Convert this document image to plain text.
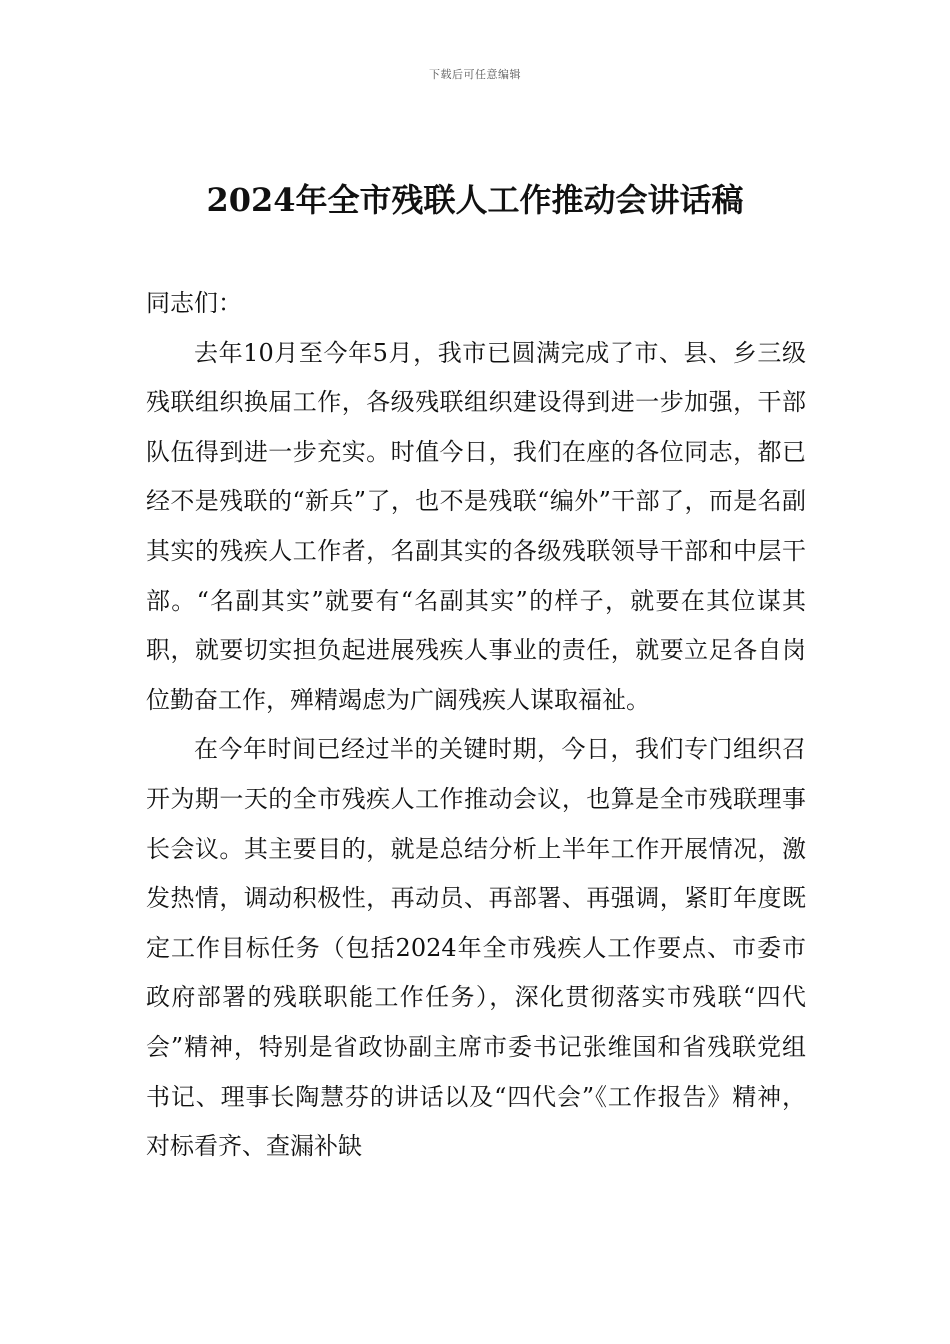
下载后可任意编辑
2024年全市残联人工作推动会讲话稿

同志们：

去年10月至今年5月，我市已圆满完成了市、县、乡三级残联组织换届工作，各级残联组织建设得到进一步加强，干部队伍得到进一步充实。时值今日，我们在座的各位同志，都已经不是残联的“新兵”了，也不是残联“编外”干部了，而是名副其实的残疾人工作者，名副其实的各级残联领导干部和中层干部。“名副其实”就要有“名副其实”的样子，就要在其位谋其职，就要切实担负起进展残疾人事业的责任，就要立足各自岗位勤奋工作，殚精竭虑为广阔残疾人谋取福祉。

在今年时间已经过半的关键时期，今日，我们专门组织召开为期一天的全市残疾人工作推动会议，也算是全市残联理事长会议。其主要目的，就是总结分析上半年工作开展情况，激发热情，调动积极性，再动员、再部署、再强调，紧盯年度既定工作目标任务（包括2024年全市残疾人工作要点、市委市政府部署的残联职能工作任务），深化贯彻落实市残联“四代会”精神，特别是省政协副主席市委书记张维国和省残联党组书记、理事长陶慧芬的讲话以及“四代会”《工作报告》精神，对标看齐、查漏补缺
